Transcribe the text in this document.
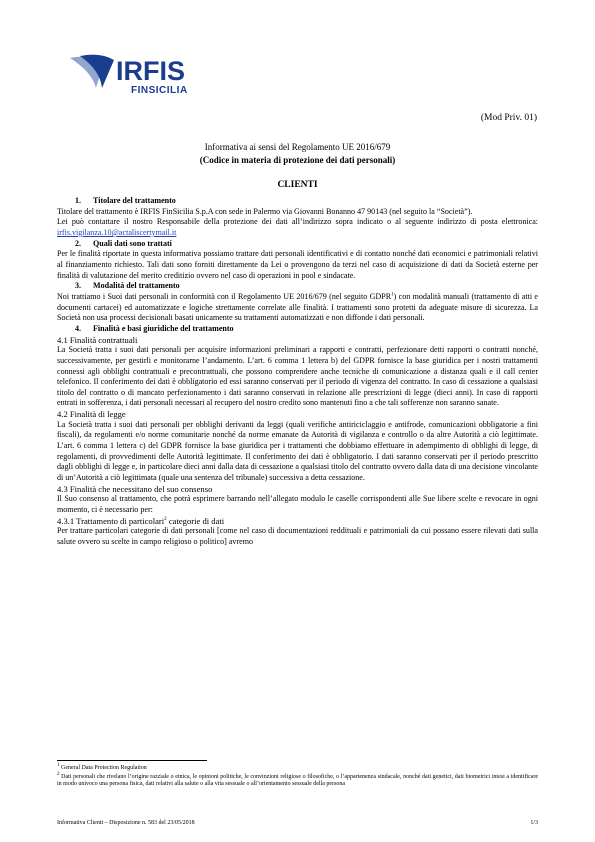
IRFIS
FINSICILIA
(Mod Priv. 01)
Informativa ai sensi del Regolamento UE 2016/679
(Codice in materia di protezione dei dati personali)
CLIENTI

1. Titolare del trattamento

Titolare del trattamento è IRFIS FinSicilia S.p.A con sede in Palermo via Giovanni Bonanno 47 90143 (nel seguito la “Società”).

Lei può contattare il nostro Responsabile della protezione dei dati all’indirizzo sopra indicato o al seguente indirizzo di posta elettronica: irfis.vigilanza.10@actaliscertymail.it

2. Quali dati sono trattati

Per le finalità riportate in questa informativa possiamo trattare dati personali identificativi e di contatto nonché dati economici e patrimoniali relativi al finanziamento richiesto. Tali dati sono forniti direttamente da Lei o provengono da terzi nel caso di acquisizione di dati da Società esterne per finalità di valutazione del merito creditizio ovvero nel caso di operazioni in pool e sindacate.

3. Modalità del trattamento

Noi trattiamo i Suoi dati personali in conformità con il Regolamento UE 2016/679 (nel seguito GDPR$^1$) con modalità manuali (trattamento di atti e documenti cartacei) ed automatizzate e logiche strettamente correlate alle finalità. I trattamenti sono protetti da adeguate misure di sicurezza. La Società non usa processi decisionali basati unicamente su trattamenti automatizzati e non diffonde i dati personali.

4. Finalità e basi giuridiche del trattamento

4.1 Finalità contrattuali

La Società tratta i suoi dati personali per acquisire informazioni preliminari a rapporti e contratti, perfezionare detti rapporti o contratti nonché, successivamente, per gestirli e monitorarne l’andamento. L’art. 6 comma 1 lettera b) del GDPR fornisce la base giuridica per i nostri trattamenti connessi agli obblighi contrattuali e precontrattuali, che possono comprendere anche tecniche di comunicazione a distanza quali e il call center telefonico. Il conferimento dei dati è obbligatorio ed essi saranno conservati per il periodo di vigenza del contratto. In caso di cessazione a qualsiasi titolo del contratto o di mancato perfezionamento i dati saranno conservati in relazione alle prescrizioni di legge (dieci anni). In caso di rapporti entrati in sofferenza, i dati personali necessari al recupero del nostro credito sono mantenuti fino a che tali sofferenze non saranno sanate.

4.2 Finalità di legge

La Società tratta i suoi dati personali per obblighi derivanti da leggi (quali verifiche antiriciclaggio e antifrode, comunicazioni obbligatorie a fini fiscali), da regolamenti e/o norme comunitarie nonché da norme emanate da Autorità di vigilanza e controllo o da altre Autorità a ciò legittimate. L’art. 6 comma 1 lettera c) del GDPR fornisce la base giuridica per i trattamenti che dobbiamo effettuare in adempimento di obblighi di legge, di regolamenti, di provvedimenti delle Autorità legittimate. Il conferimento dei dati è obbligatorio. I dati saranno conservati per il periodo prescritto dagli obblighi di legge e, in particolare dieci anni dalla data di cessazione a qualsiasi titolo del contratto ovvero dalla data di una decisione vincolante di un’Autorità a ciò legittimata (quale una sentenza del tribunale) successiva a detta cessazione.

4.3 Finalità che necessitano del suo consenso

Il Suo consenso al trattamento, che potrà esprimere barrando nell’allegato modulo le caselle corrispondenti alle Sue libere scelte e revocare in ogni momento, ci è necessario per:

4.3.1 Trattamento di particolari$^2$ categorie di dati

Per trattare particolari categorie di dati personali [come nel caso di documentazioni reddituali e patrimoniali da cui possano essere rilevati dati sulla salute ovvero su scelte in campo religioso o politico] avremo

$^1$ General Data Protection Regulation
$^2$ Dati personali che rivelano l’origine razziale o etnica, le opinioni politiche, le convinzioni religiose o filosofiche, o l’appartenenza sindacale, nonché dati genetici, dati biometrici intesi a identificare in modo univoco una persona fisica, dati relativi alla salute o alla vita sessuale o all’orientamento sessuale della persona
Informativa Clienti – Disposizione n. 583 del 23/05/2018	1/3
